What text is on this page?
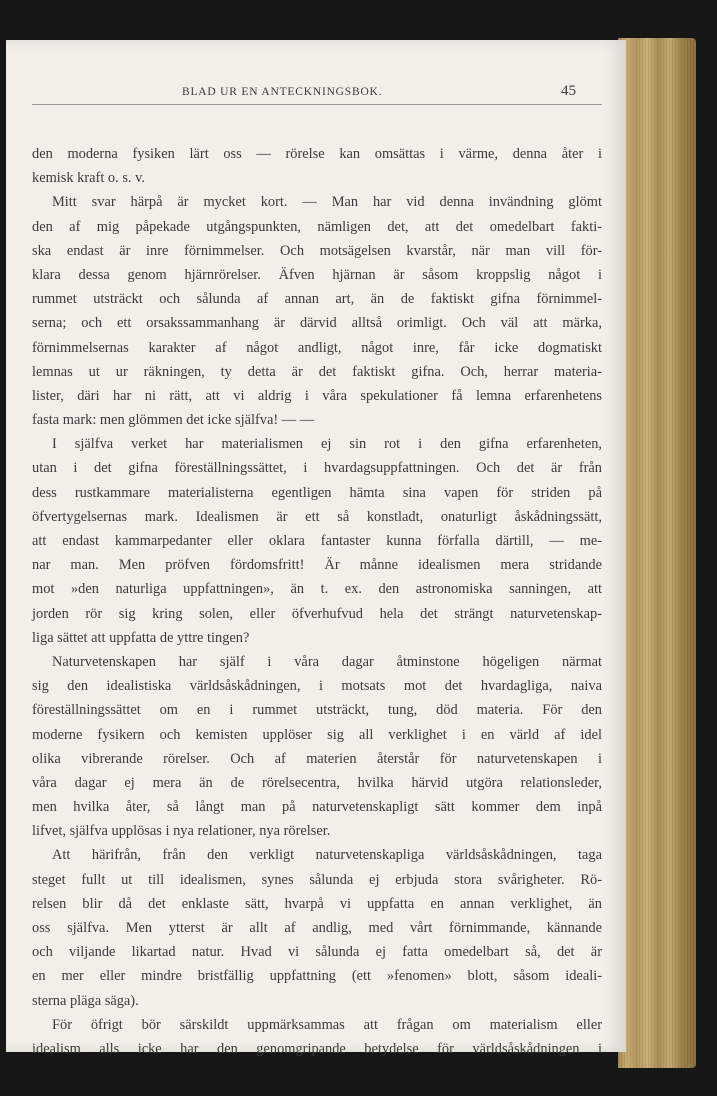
BLAD UR EN ANTECKNINGSBOK.	45
den moderna fysiken lärt oss — rörelse kan omsättas i värme, denna åter i
kemisk kraft o. s. v.
Mitt svar härpå är mycket kort. — Man har vid denna invändning glömt
den af mig påpekade utgångspunkten, nämligen det, att det omedelbart fakti-
ska endast är inre förnimmelser. Och motsägelsen kvarstår, när man vill för-
klara dessa genom hjärnrörelser. Äfven hjärnan är såsom kroppslig något i
rummet utsträckt och sålunda af annan art, än de faktiskt gifna förnimmel-
serna; och ett orsakssammanhang är därvid alltså orimligt. Och väl att märka,
förnimmelsernas karakter af något andligt, något inre, får icke dogmatiskt
lemnas ut ur räkningen, ty detta är det faktiskt gifna. Och, herrar materia-
lister, däri har ni rätt, att vi aldrig i våra spekulationer få lemna erfarenhetens
fasta mark: men glömmen det icke själfva! — —
I själfva verket har materialismen ej sin rot i den gifna erfarenheten,
utan i det gifna föreställningssättet, i hvardagsuppfattningen. Och det är från
dess rustkammare materialisterna egentligen hämta sina vapen för striden på
öfvertygelsernas mark. Idealismen är ett så konstladt, onaturligt åskådningssätt,
att endast kammarpedanter eller oklara fantaster kunna förfalla därtill, — me-
nar man. Men pröfven fördomsfritt! Är månne idealismen mera stridande
mot »den naturliga uppfattningen», än t. ex. den astronomiska sanningen, att
jorden rör sig kring solen, eller öfverhufvud hela det strängt naturvetenskap-
liga sättet att uppfatta de yttre tingen?
Naturvetenskapen har själf i våra dagar åtminstone högeligen närmat
sig den idealistiska världsåskådningen, i motsats mot det hvardagliga, naiva
föreställningssättet om en i rummet utsträckt, tung, död materia. För den
moderne fysikern och kemisten upplöser sig all verklighet i en värld af idel
olika vibrerande rörelser. Och af materien återstår för naturvetenskapen i
våra dagar ej mera än de rörelsecentra, hvilka härvid utgöra relationsleder,
men hvilka åter, så långt man på naturvetenskapligt sätt kommer dem inpå
lifvet, själfva upplösas i nya relationer, nya rörelser.
Att härifrån, från den verkligt naturvetenskapliga världsåskådningen, taga
steget fullt ut till idealismen, synes sålunda ej erbjuda stora svårigheter. Rö-
relsen blir då det enklaste sätt, hvarpå vi uppfatta en annan verklighet, än
oss själfva. Men ytterst är allt af andlig, med vårt förnimmande, kännande
och viljande likartad natur. Hvad vi sålunda ej fatta omedelbart så, det är
en mer eller mindre bristfällig uppfattning (ett »fenomen» blott, såsom ideali-
sterna pläga säga).
För öfrigt bör särskildt uppmärksammas att frågan om materialism eller
idealism alls icke har den genomgripande betydelse för världsåskådningen i
